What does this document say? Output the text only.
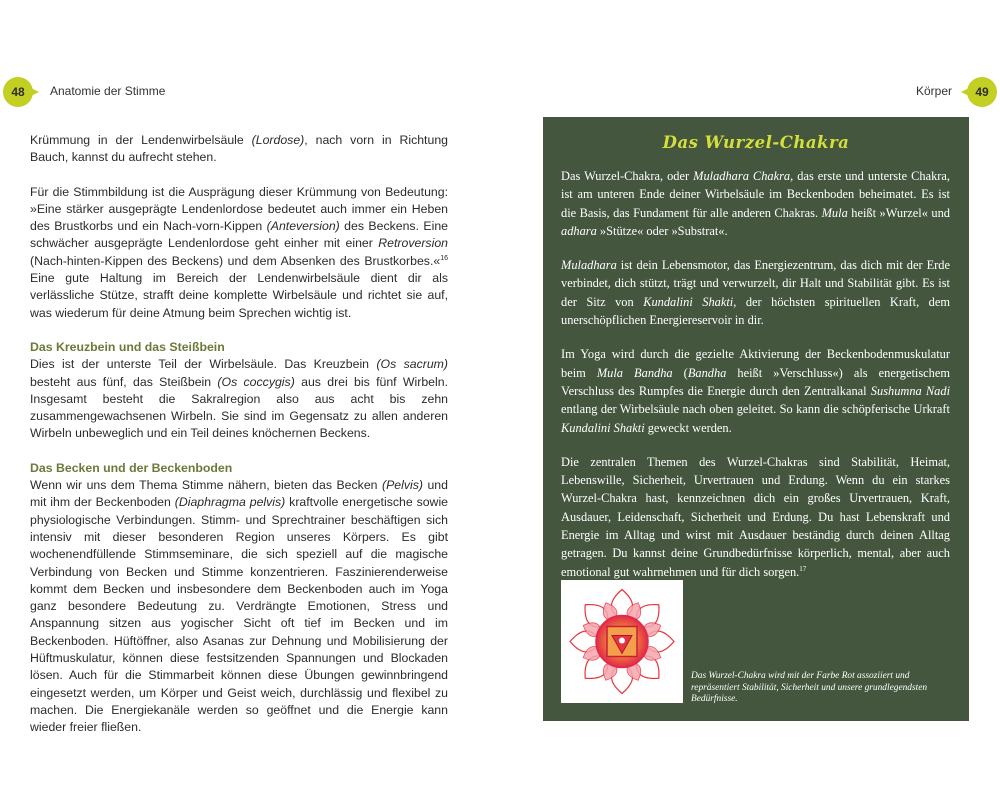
48 Anatomie der Stimme	Körper 49

Krümmung in der Lendenwirbelsäule (Lordose), nach vorn in Richtung Bauch, kannst du aufrecht stehen.

Für die Stimmbildung ist die Ausprägung dieser Krümmung von Bedeutung: »Eine stärker ausgeprägte Lendenlordose bedeutet auch immer ein Heben des Brustkorbs und ein Nach-vorn-Kippen (Anteversion) des Beckens. Eine schwächer ausgeprägte Lendenlordose geht einher mit einer Retroversion (Nach-hinten-Kippen des Beckens) und dem Absenken des Brustkorbes.«$^{16}$ Eine gute Haltung im Bereich der Lendenwirbelsäule dient dir als verlässliche Stütze, strafft deine komplette Wirbelsäule und richtet sie auf, was wiederum für deine Atmung beim Sprechen wichtig ist.

Das Kreuzbein und das Steißbein

Dies ist der unterste Teil der Wirbelsäule. Das Kreuzbein (Os sacrum) besteht aus fünf, das Steißbein (Os coccygis) aus drei bis fünf Wirbeln. Insgesamt besteht die Sakralregion also aus acht bis zehn zusammengewachsenen Wirbeln. Sie sind im Gegensatz zu allen anderen Wirbeln unbeweglich und ein Teil deines knöchernen Beckens.

Das Becken und der Beckenboden

Wenn wir uns dem Thema Stimme nähern, bieten das Becken (Pelvis) und mit ihm der Beckenboden (Diaphragma pelvis) kraftvolle energetische sowie physiologische Verbindungen. Stimm- und Sprechtrainer beschäftigen sich intensiv mit dieser besonderen Region unseres Körpers. Es gibt wochenendfüllende Stimmseminare, die sich speziell auf die magische Verbindung von Becken und Stimme konzentrieren. Faszinierenderweise kommt dem Becken und insbesondere dem Beckenboden auch im Yoga ganz besondere Bedeutung zu. Verdrängte Emotionen, Stress und Anspannung sitzen aus yogischer Sicht oft tief im Becken und im Beckenboden. Hüftöffner, also Asanas zur Dehnung und Mobilisierung der Hüftmuskulatur, können diese festsitzenden Spannungen und Blockaden lösen. Auch für die Stimmarbeit können diese Übungen gewinnbringend eingesetzt werden, um Körper und Geist weich, durchlässig und flexibel zu machen. Die Energiekanäle werden so geöffnet und die Energie kann wieder freier fließen.

Das Wurzel-Chakra

Das Wurzel-Chakra, oder Muladhara Chakra, das erste und unterste Chakra, ist am unteren Ende deiner Wirbelsäule im Beckenboden beheimatet. Es ist die Basis, das Fundament für alle anderen Chakras. Mula heißt »Wurzel« und adhara »Stütze« oder »Substrat«.

Muladhara ist dein Lebensmotor, das Energiezentrum, das dich mit der Erde verbindet, dich stützt, trägt und verwurzelt, dir Halt und Stabilität gibt. Es ist der Sitz von Kundalini Shakti, der höchsten spirituellen Kraft, dem unerschöpflichen Energiereservoir in dir.

Im Yoga wird durch die gezielte Aktivierung der Beckenbodenmuskulatur beim Mula Bandha (Bandha heißt »Verschluss«) als energetischem Verschluss des Rumpfes die Energie durch den Zentralkanal Sushumna Nadi entlang der Wirbelsäule nach oben geleitet. So kann die schöpferische Urkraft Kundalini Shakti geweckt werden.

Die zentralen Themen des Wurzel-Chakras sind Stabilität, Heimat, Lebenswille, Sicherheit, Urvertrauen und Erdung. Wenn du ein starkes Wurzel-Chakra hast, kennzeichnen dich ein großes Urvertrauen, Kraft, Ausdauer, Leidenschaft, Sicherheit und Erdung. Du hast Lebenskraft und Energie im Alltag und wirst mit Ausdauer beständig durch deinen Alltag getragen. Du kannst deine Grundbedürfnisse körperlich, mental, aber auch emotional gut wahrnehmen und für dich sorgen.$^{17}$

Das Wurzel-Chakra wird mit der Farbe Rot assoziiert und repräsentiert Stabilität, Sicherheit und unsere grundlegendsten Bedürfnisse.
